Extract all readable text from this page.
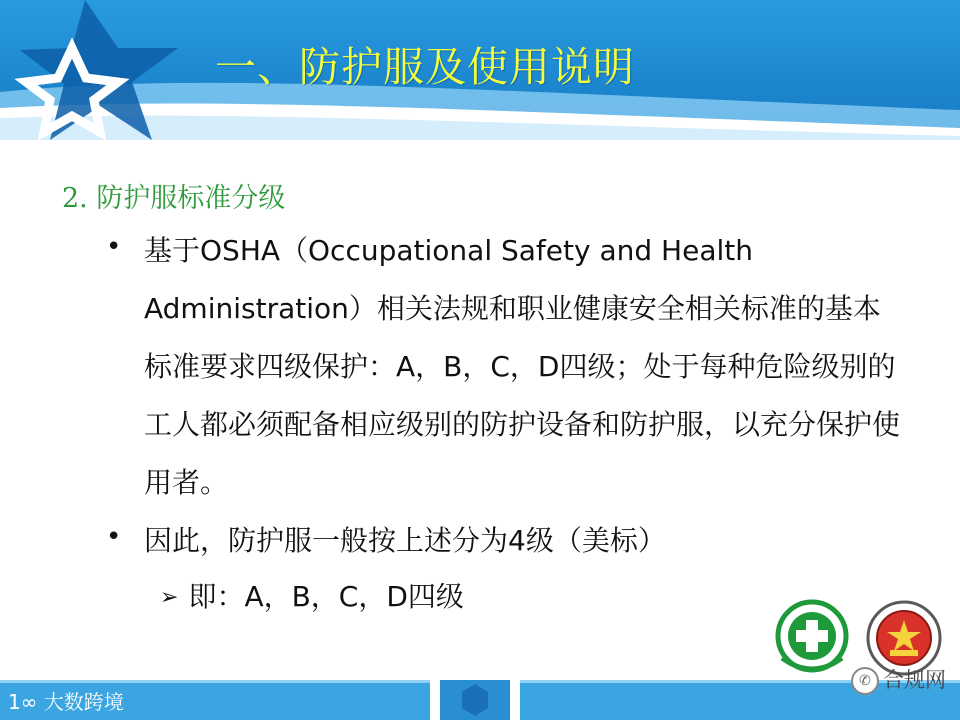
一、防护服及使用说明
2. 防护服标准分级
• 基于OSHA（Occupational Safety and Health Administration）相关法规和职业健康安全相关标准的基本标准要求四级保护：A，B，C，D四级；处于每种危险级别的工人都必须配备相应级别的防护设备和防护服，以充分保护使用者。
• 因此，防护服一般按上述分为4级（美标）
➢ 即：A，B，C，D四级
1∞ 大数跨境
✆ 合规网
